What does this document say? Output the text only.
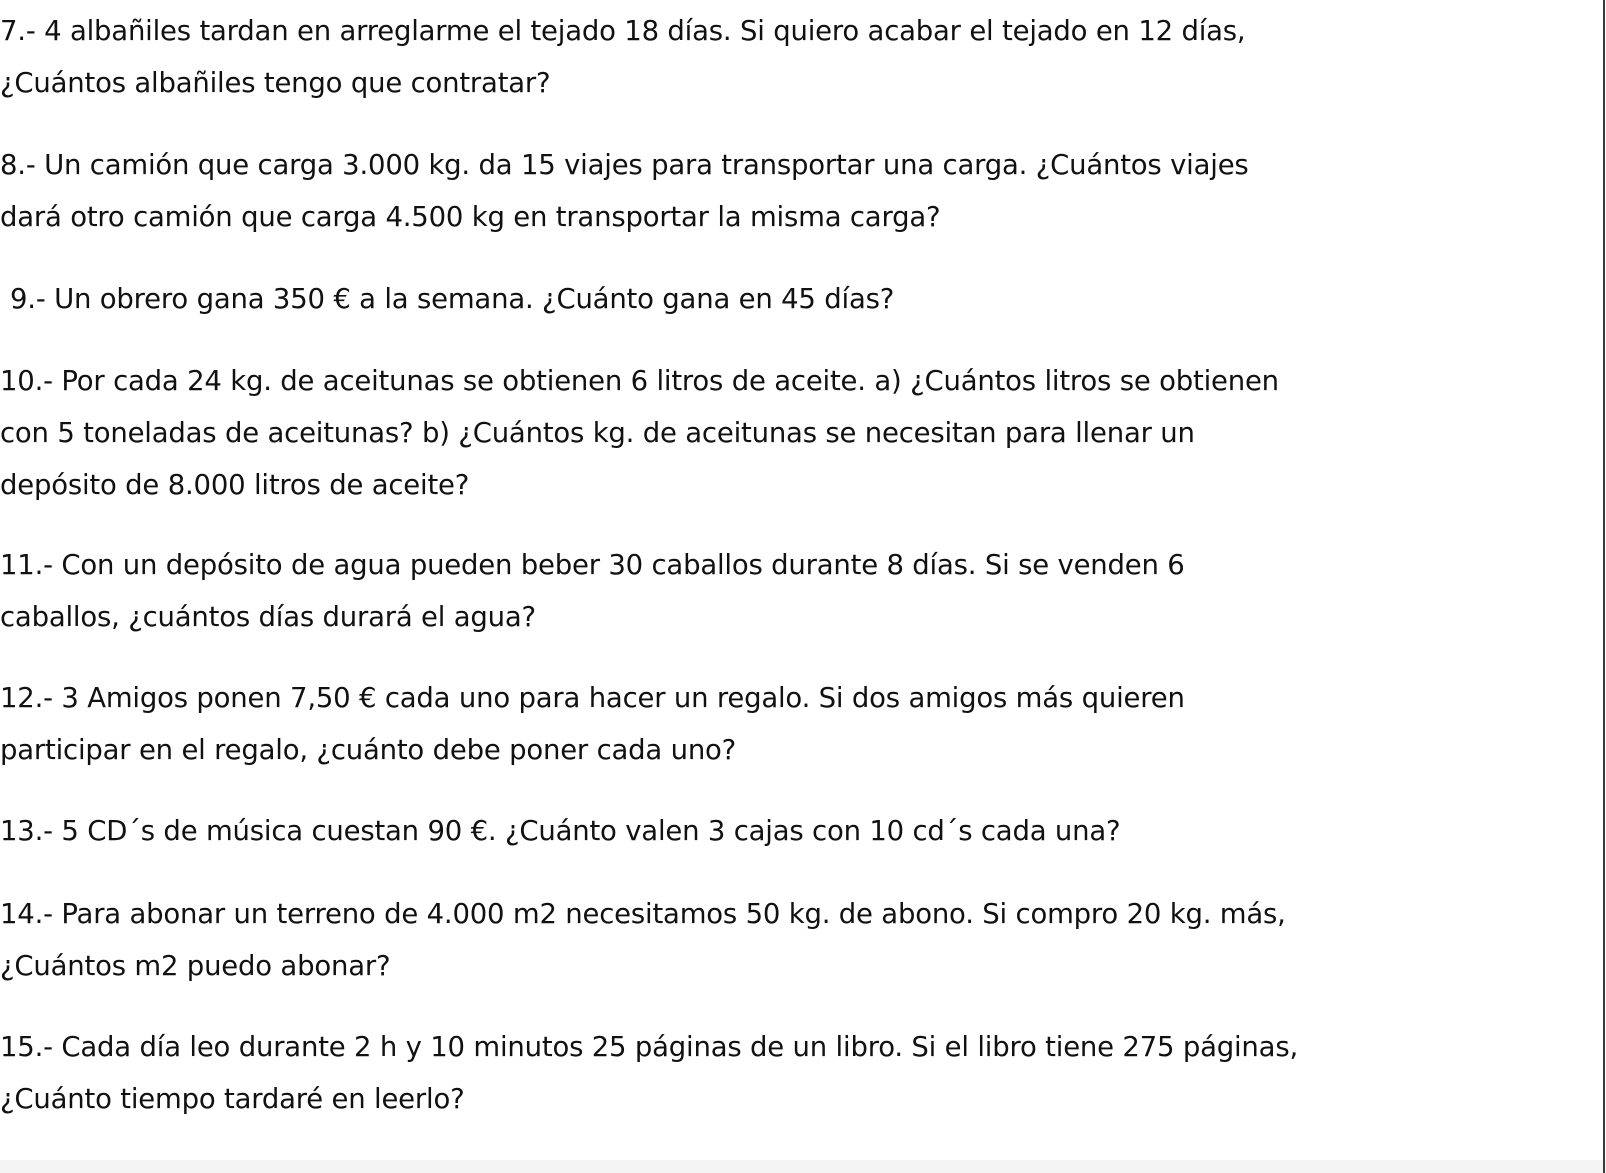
7.- 4 albañiles tardan en arreglarme el tejado 18 días. Si quiero acabar el tejado en 12 días,
¿Cuántos albañiles tengo que contratar?

8.- Un camión que carga 3.000 kg. da 15 viajes para transportar una carga. ¿Cuántos viajes
dará otro camión que carga 4.500 kg en transportar la misma carga?

9.- Un obrero gana 350 € a la semana. ¿Cuánto gana en 45 días?

10.- Por cada 24 kg. de aceitunas se obtienen 6 litros de aceite. a) ¿Cuántos litros se obtienen
con 5 toneladas de aceitunas? b) ¿Cuántos kg. de aceitunas se necesitan para llenar un
depósito de 8.000 litros de aceite?

11.- Con un depósito de agua pueden beber 30 caballos durante 8 días. Si se venden 6
caballos, ¿cuántos días durará el agua?

12.- 3 Amigos ponen 7,50 € cada uno para hacer un regalo. Si dos amigos más quieren
participar en el regalo, ¿cuánto debe poner cada uno?

13.- 5 CD´s de música cuestan 90 €. ¿Cuánto valen 3 cajas con 10 cd´s cada una?

14.- Para abonar un terreno de 4.000 m2 necesitamos 50 kg. de abono. Si compro 20 kg. más,
¿Cuántos m2 puedo abonar?

15.- Cada día leo durante 2 h y 10 minutos 25 páginas de un libro. Si el libro tiene 275 páginas,
¿Cuánto tiempo tardaré en leerlo?
